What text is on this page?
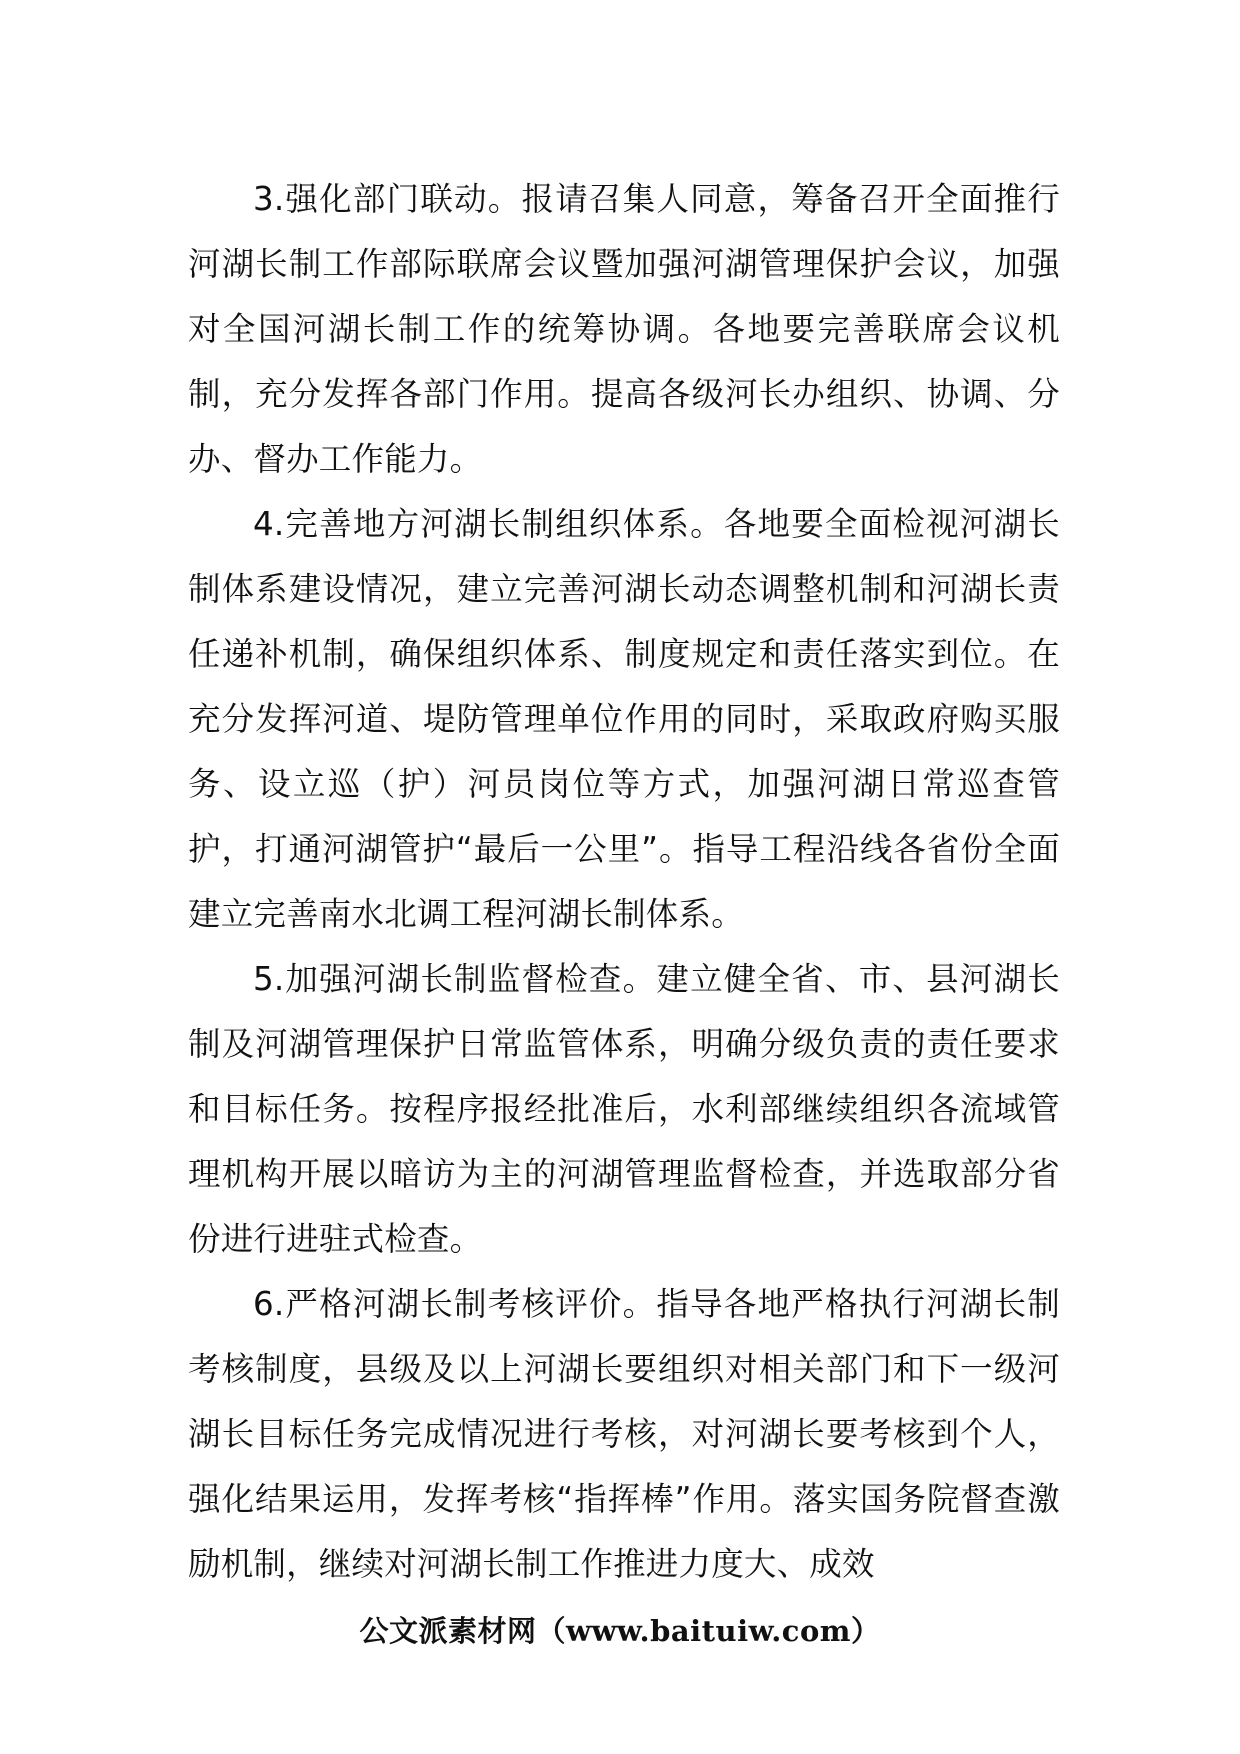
3.强化部门联动。报请召集人同意，筹备召开全面推行河湖长制工作部际联席会议暨加强河湖管理保护会议，加强对全国河湖长制工作的统筹协调。各地要完善联席会议机制，充分发挥各部门作用。提高各级河长办组织、协调、分办、督办工作能力。

4.完善地方河湖长制组织体系。各地要全面检视河湖长制体系建设情况，建立完善河湖长动态调整机制和河湖长责任递补机制，确保组织体系、制度规定和责任落实到位。在充分发挥河道、堤防管理单位作用的同时，采取政府购买服务、设立巡（护）河员岗位等方式，加强河湖日常巡查管护，打通河湖管护“最后一公里”。指导工程沿线各省份全面建立完善南水北调工程河湖长制体系。

5.加强河湖长制监督检查。建立健全省、市、县河湖长制及河湖管理保护日常监管体系，明确分级负责的责任要求和目标任务。按程序报经批准后，水利部继续组织各流域管理机构开展以暗访为主的河湖管理监督检查，并选取部分省份进行进驻式检查。

6.严格河湖长制考核评价。指导各地严格执行河湖长制考核制度，县级及以上河湖长要组织对相关部门和下一级河湖长目标任务完成情况进行考核，对河湖长要考核到个人，强化结果运用，发挥考核“指挥棒”作用。落实国务院督查激励机制，继续对河湖长制工作推进力度大、成效

公文派素材网（www.baituiw.com）
